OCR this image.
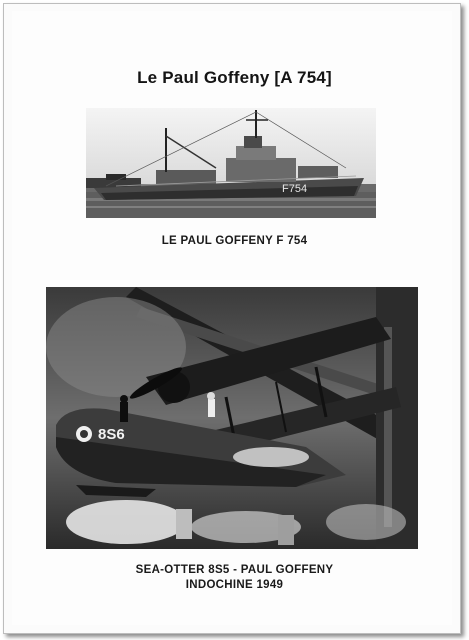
Le Paul Goffeny [A 754]
F754
LE PAUL GOFFENY F 754
8S6
SEA-OTTER 8S5 - PAUL GOFFENY
INDOCHINE 1949
